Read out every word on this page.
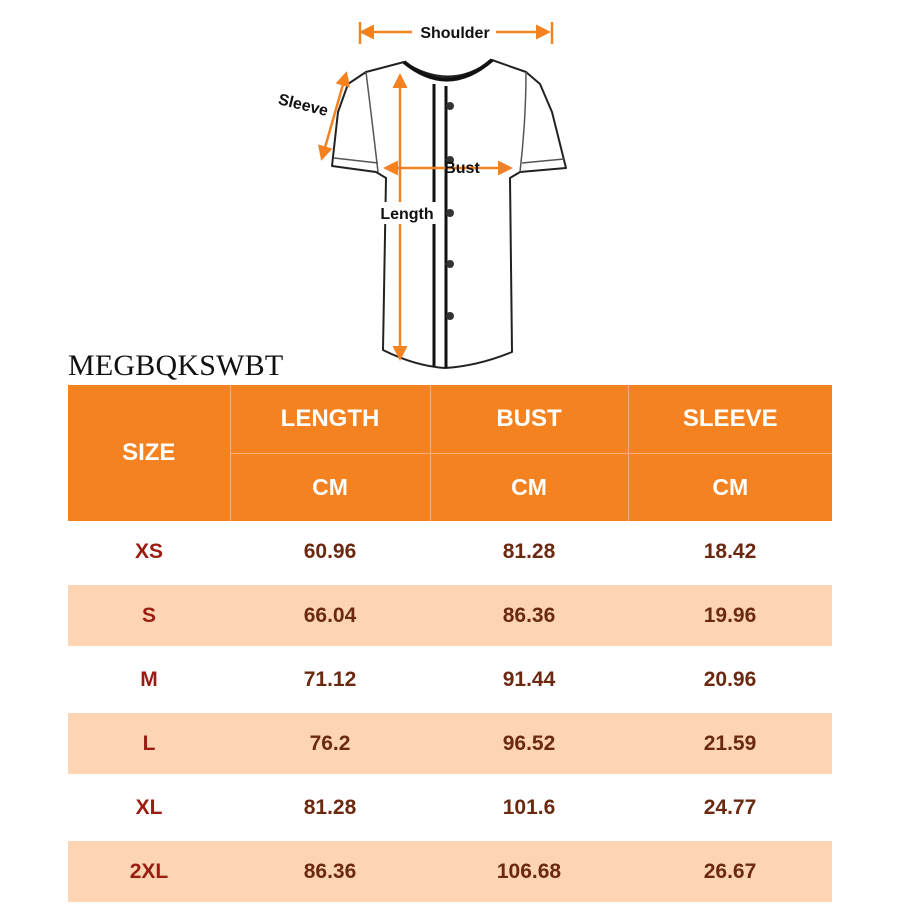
Shoulder
Sleeve
Bust
Length
MEGBQKSWBT
SIZE	LENGTH	BUST	SLEEVE
	CM	CM	CM
XS	60.96	81.28	18.42
S	66.04	86.36	19.96
M	71.12	91.44	20.96
L	76.2	96.52	21.59
XL	81.28	101.6	24.77
2XL	86.36	106.68	26.67
